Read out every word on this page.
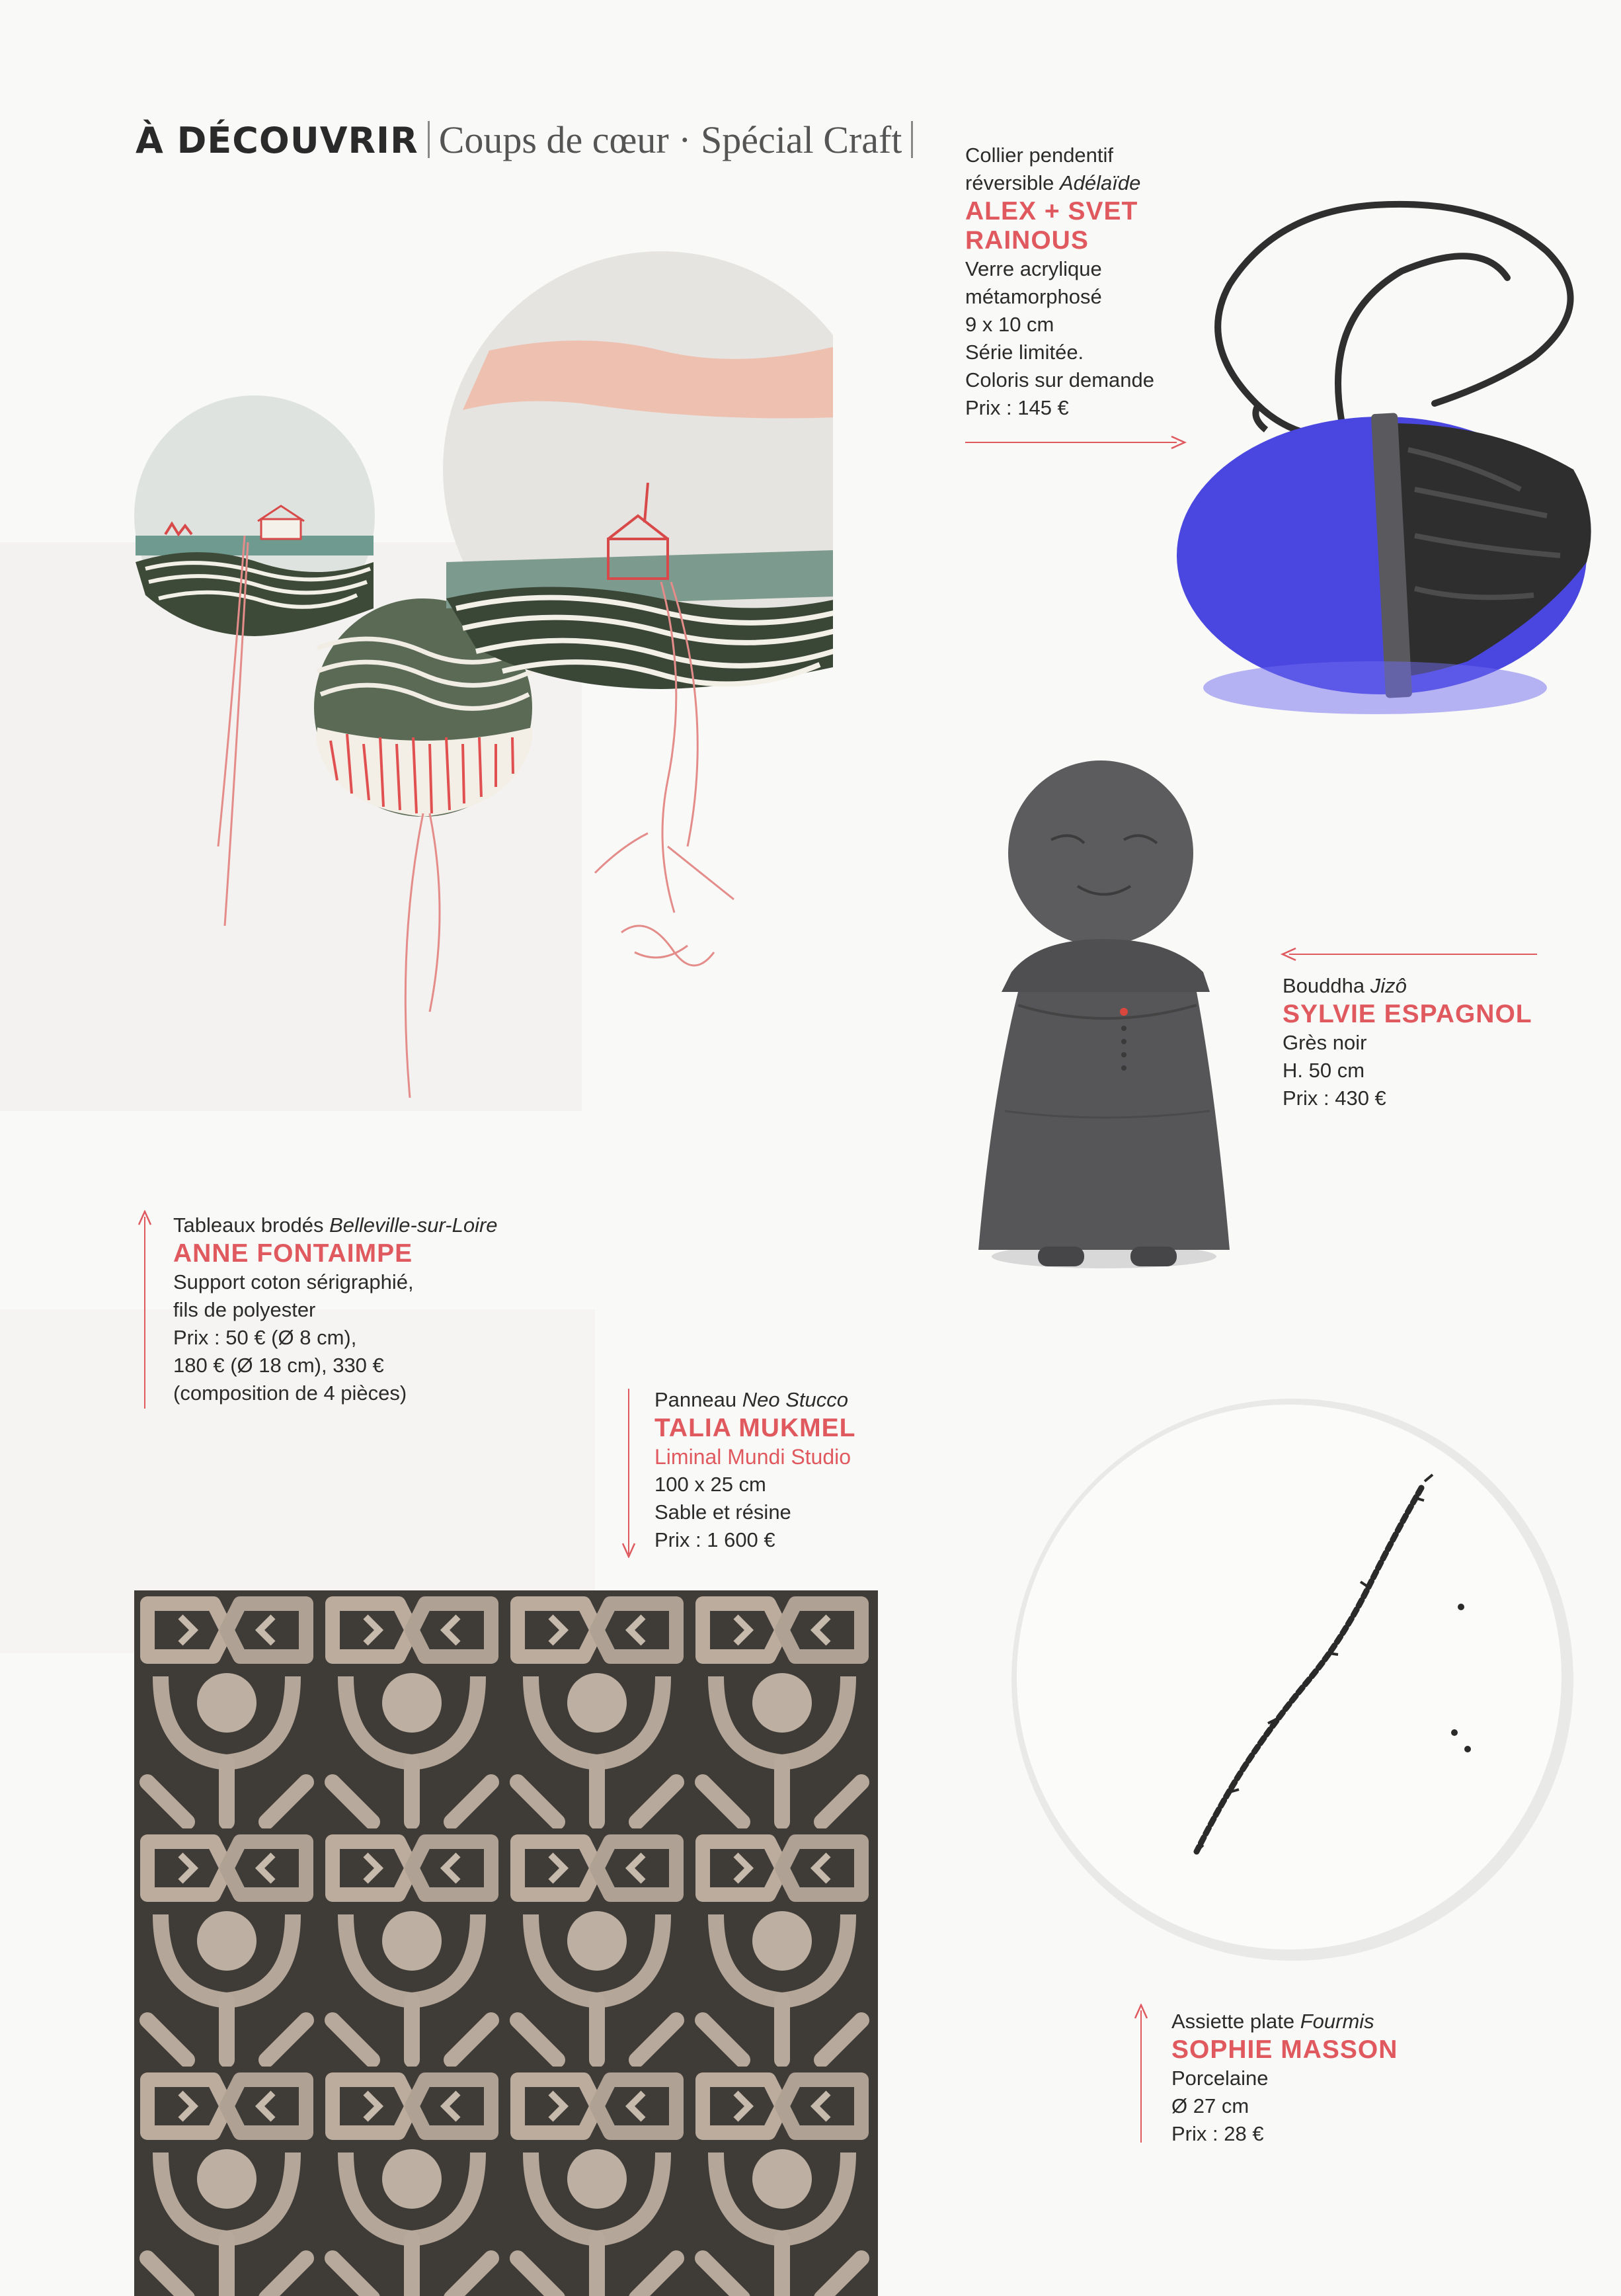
À DÉCOUVRIR Coups de cœur · Spécial Craft	Collier pendentif
réversible Adélaïde
ALEX + SVET
RAINOUS
Verre acrylique
métamorphosé
9 x 10 cm
Série limitée.
Coloris sur demande
Prix : 145 €
Bouddha Jizô
SYLVIE ESPAGNOL
Grès noir
H. 50 cm
Prix : 430 €
Tableaux brodés Belleville-sur-Loire
ANNE FONTAIMPE
Support coton sérigraphié,
fils de polyester
Prix : 50 € (Ø 8 cm),
180 € (Ø 18 cm), 330 €
(composition de 4 pièces)	Panneau Neo Stucco
TALIA MUKMEL
Liminal Mundi Studio
100 x 25 cm
Sable et résine
Prix : 1 600 €
Assiette plate Fourmis
SOPHIE MASSON
Porcelaine
Ø 27 cm
Prix : 28 €
